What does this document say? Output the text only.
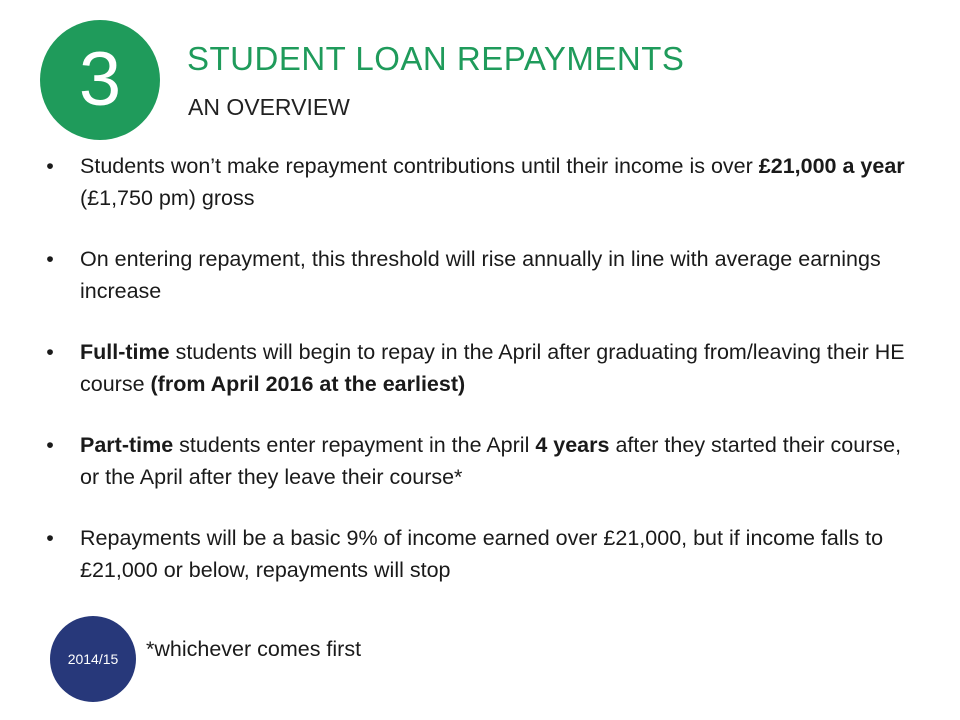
3 STUDENT LOAN REPAYMENTS
AN OVERVIEW
• Students won’t make repayment contributions until their income is over £21,000 a year (£1,750 pm) gross
• On entering repayment, this threshold will rise annually in line with average earnings increase
• Full-time students will begin to repay in the April after graduating from/leaving their HE course (from April 2016 at the earliest)
• Part-time students enter repayment in the April 4 years after they started their course, or the April after they leave their course*
• Repayments will be a basic 9% of income earned over £21,000, but if income falls to £21,000 or below, repayments will stop
2014/15 *whichever comes first
